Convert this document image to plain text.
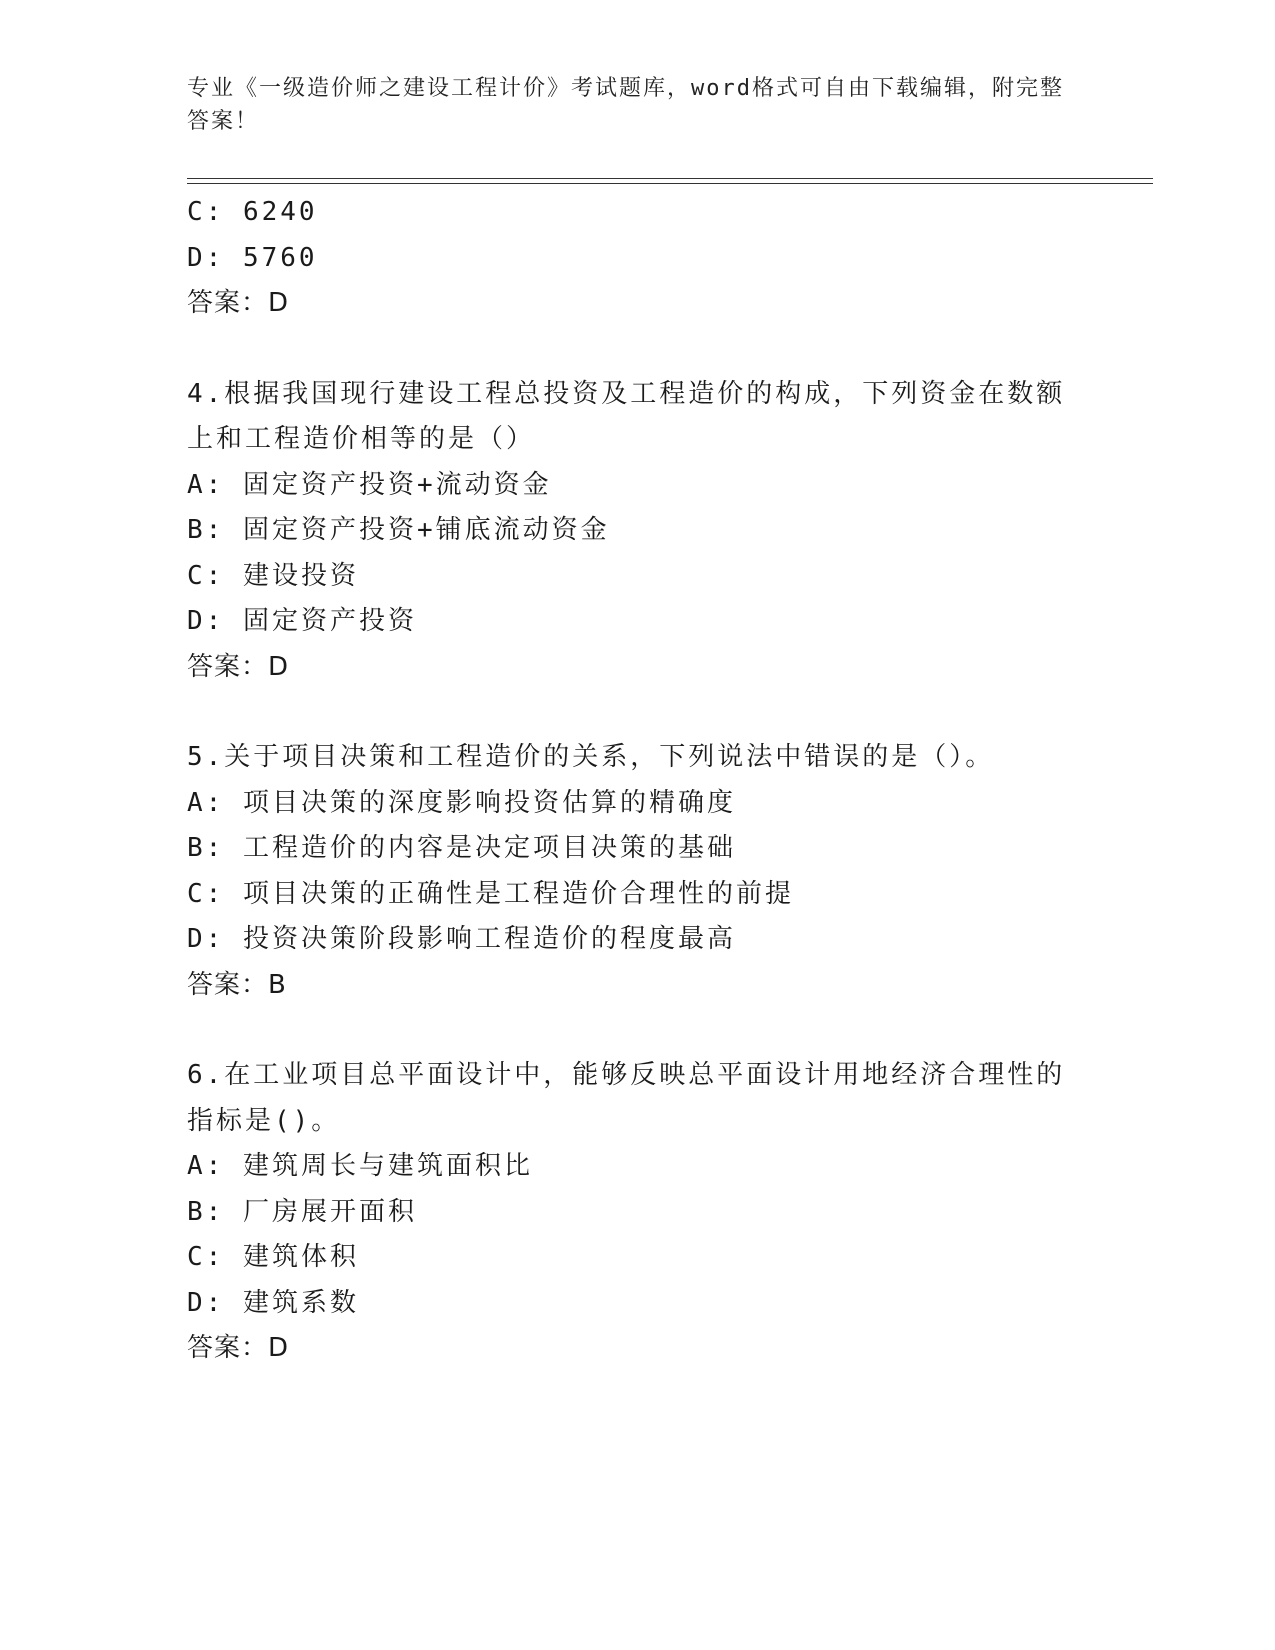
专业《一级造价师之建设工程计价》考试题库，word格式可自由下载编辑，附完整答案！
C: 6240
D: 5760
答案：D
4.根据我国现行建设工程总投资及工程造价的构成，下列资金在数额
上和工程造价相等的是（）
A: 固定资产投资+流动资金
B: 固定资产投资+铺底流动资金
C: 建设投资
D: 固定资产投资
答案：D
5.关于项目决策和工程造价的关系，下列说法中错误的是（）。
A: 项目决策的深度影响投资估算的精确度
B: 工程造价的内容是决定项目决策的基础
C: 项目决策的正确性是工程造价合理性的前提
D: 投资决策阶段影响工程造价的程度最高
答案：B
6.在工业项目总平面设计中，能够反映总平面设计用地经济合理性的
指标是()。
A: 建筑周长与建筑面积比
B: 厂房展开面积
C: 建筑体积
D: 建筑系数
答案：D
